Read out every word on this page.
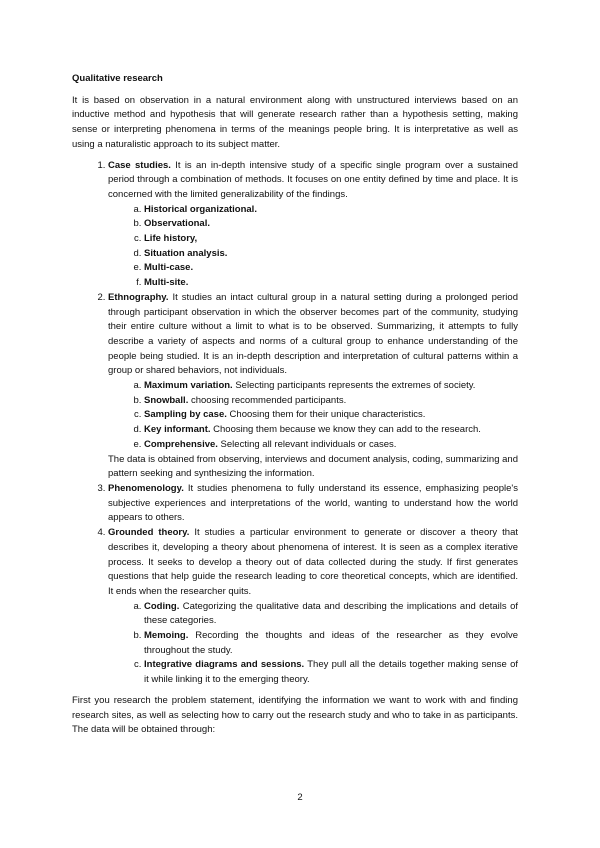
Qualitative research

It is based on observation in a natural environment along with unstructured interviews based on an inductive method and hypothesis that will generate research rather than a hypothesis setting, making sense or interpreting phenomena in terms of the meanings people bring. It is interpretative as well as using a naturalistic approach to its subject matter.

1. Case studies. It is an in-depth intensive study of a specific single program over a sustained period through a combination of methods. It focuses on one entity defined by time and place. It is concerned with the limited generalizability of the findings.
a. Historical organizational.
b. Observational.
c. Life history,
d. Situation analysis.
e. Multi-case.
f. Multi-site.
2. Ethnography. It studies an intact cultural group in a natural setting during a prolonged period through participant observation in which the observer becomes part of the community, studying their entire culture without a limit to what is to be observed. Summarizing, it attempts to fully describe a variety of aspects and norms of a cultural group to enhance understanding of the people being studied. It is an in-depth description and interpretation of cultural patterns within a group or shared behaviors, not individuals.
a. Maximum variation. Selecting participants represents the extremes of society.
b. Snowball. choosing recommended participants.
c. Sampling by case. Choosing them for their unique characteristics.
d. Key informant. Choosing them because we know they can add to the research.
e. Comprehensive. Selecting all relevant individuals or cases.

The data is obtained from observing, interviews and document analysis, coding, summarizing and pattern seeking and synthesizing the information.

3. Phenomenology. It studies phenomena to fully understand its essence, emphasizing people's subjective experiences and interpretations of the world, wanting to understand how the world appears to others.
4. Grounded theory. It studies a particular environment to generate or discover a theory that describes it, developing a theory about phenomena of interest. It is seen as a complex iterative process. It seeks to develop a theory out of data collected during the study. If first generates questions that help guide the research leading to core theoretical concepts, which are identified. It ends when the researcher quits.
a. Coding. Categorizing the qualitative data and describing the implications and details of these categories.
b. Memoing. Recording the thoughts and ideas of the researcher as they evolve throughout the study.
c. Integrative diagrams and sessions. They pull all the details together making sense of it while linking it to the emerging theory.

First you research the problem statement, identifying the information we want to work with and finding research sites, as well as selecting how to carry out the research study and who to take in as participants. The data will be obtained through:

2
